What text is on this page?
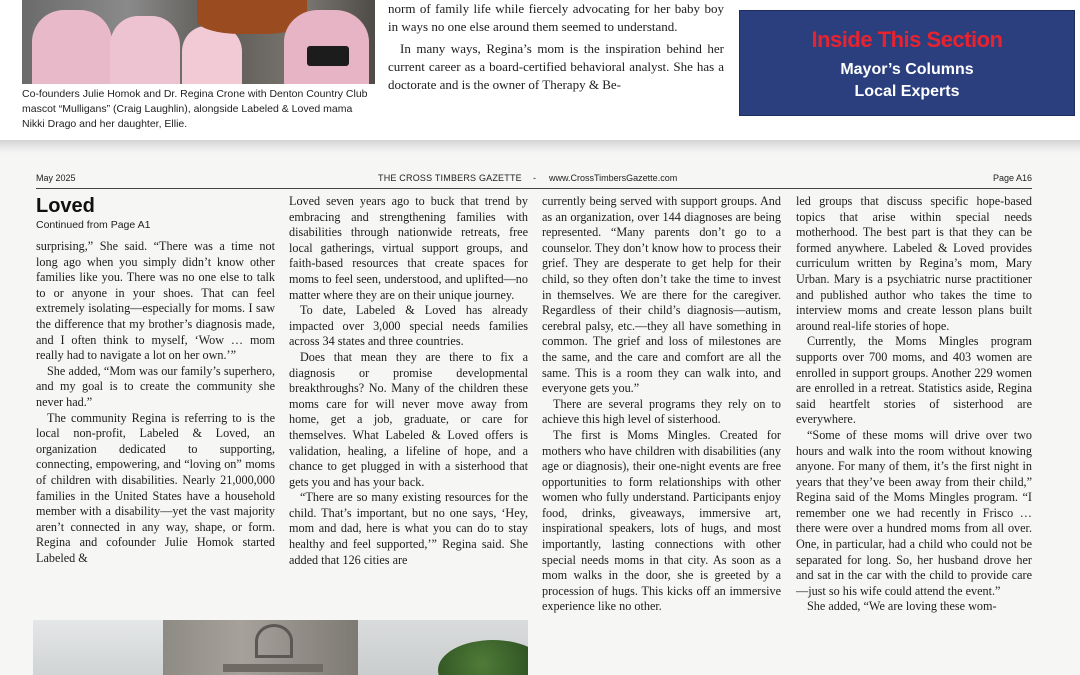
Co-founders Julie Homok and Dr. Regina Crone with Denton Country Club mascot “Mulligans” (Craig Laughlin), alongside Labeled & Loved mama Nikki Drago and her daughter, Ellie.

norm of family life while fiercely advocating for her baby boy in ways no one else around them seemed to understand.

In many ways, Regina’s mom is the inspiration behind her current career as a board-certified behavioral analyst. She has a doctorate and is the owner of Therapy & Be-

Inside This Section
Mayor’s Columns
Local Experts
May 2025	THE CROSS TIMBERS GAZETTE - www.CrossTimbersGazette.com	Page A16
Loved
Continued from Page A1

surprising,” She said. “There was a time not long ago when you simply didn’t know other families like you. There was no one else to talk to or anyone in your shoes. That can feel extremely isolating—especially for moms. I saw the difference that my brother’s diagnosis made, and I often think to myself, ‘Wow … mom really had to navigate a lot on her own.’”

She added, “Mom was our family’s superhero, and my goal is to create the community she never had.”

The community Regina is referring to is the local non-profit, Labeled & Loved, an organization dedicated to supporting, connecting, empowering, and “loving on” moms of children with disabilities. Nearly 21,000,000 families in the United States have a household member with a disability—yet the vast majority aren’t connected in any way, shape, or form. Regina and cofounder Julie Homok started Labeled &

Loved seven years ago to buck that trend by embracing and strengthening families with disabilities through nationwide retreats, free local gatherings, virtual support groups, and faith-based resources that create spaces for moms to feel seen, understood, and uplifted—no matter where they are on their unique journey.

To date, Labeled & Loved has already impacted over 3,000 special needs families across 34 states and three countries.

Does that mean they are there to fix a diagnosis or promise developmental breakthroughs? No. Many of the children these moms care for will never move away from home, get a job, graduate, or care for themselves. What Labeled & Loved offers is validation, healing, a lifeline of hope, and a chance to get plugged in with a sisterhood that gets you and has your back.

“There are so many existing resources for the child. That’s important, but no one says, ‘Hey, mom and dad, here is what you can do to stay healthy and feel supported,’” Regina said. She added that 126 cities are

currently being served with support groups. And as an organization, over 144 diagnoses are being represented. “Many parents don’t go to a counselor. They don’t know how to process their grief. They are desperate to get help for their child, so they often don’t take the time to invest in themselves. We are there for the caregiver. Regardless of their child’s diagnosis—autism, cerebral palsy, etc.—they all have something in common. The grief and loss of milestones are the same, and the care and comfort are all the same. This is a room they can walk into, and everyone gets you.”

There are several programs they rely on to achieve this high level of sisterhood.

The first is Moms Mingles. Created for mothers who have children with disabilities (any age or diagnosis), their one-night events are free opportunities to form relationships with other women who fully understand. Participants enjoy food, drinks, giveaways, immersive art, inspirational speakers, lots of hugs, and most importantly, lasting connections with other special needs moms in that city. As soon as a mom walks in the door, she is greeted by a procession of hugs. This kicks off an immersive experience like no other.

led groups that discuss specific hope-based topics that arise within special needs motherhood. The best part is that they can be formed anywhere. Labeled & Loved provides curriculum written by Regina’s mom, Mary Urban. Mary is a psychiatric nurse practitioner and published author who takes the time to interview moms and create lesson plans built around real-life stories of hope.

Currently, the Moms Mingles program supports over 700 moms, and 403 women are enrolled in support groups. Another 229 women are enrolled in a retreat. Statistics aside, Regina said heartfelt stories of sisterhood are everywhere.

“Some of these moms will drive over two hours and walk into the room without knowing anyone. For many of them, it’s the first night in years that they’ve been away from their child,” Regina said of the Moms Mingles program. “I remember one we had recently in Frisco … there were over a hundred moms from all over. One, in particular, had a child who could not be separated for long. So, her husband drove her and sat in the car with the child to provide care—just so his wife could attend the event.”

She added, “We are loving these wom-
